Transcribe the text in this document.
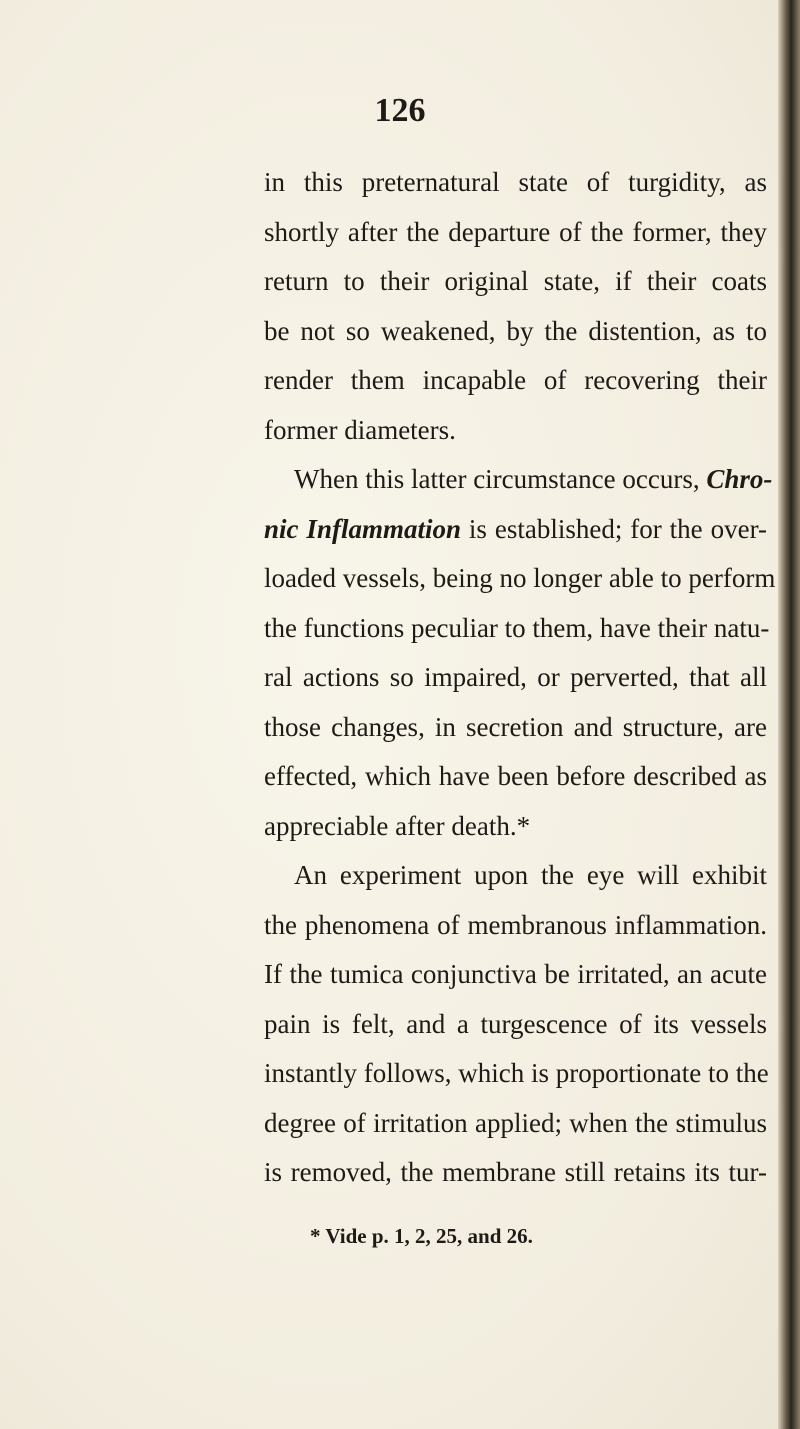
126
in this preternatural state of turgidity, as
shortly after the departure of the former, they
return to their original state, if their coats
be not so weakened, by the distention, as to
render them incapable of recovering their
former diameters.
When this latter circumstance occurs, Chro-
nic Inflammation is established; for the over-
loaded vessels, being no longer able to perform
the functions peculiar to them, have their natu-
ral actions so impaired, or perverted, that all
those changes, in secretion and structure, are
effected, which have been before described as
appreciable after death.*
An experiment upon the eye will exhibit
the phenomena of membranous inflammation.
If the tumica conjunctiva be irritated, an acute
pain is felt, and a turgescence of its vessels
instantly follows, which is proportionate to the
degree of irritation applied; when the stimulus
is removed, the membrane still retains its tur-

* Vide p. 1, 2, 25, and 26.
